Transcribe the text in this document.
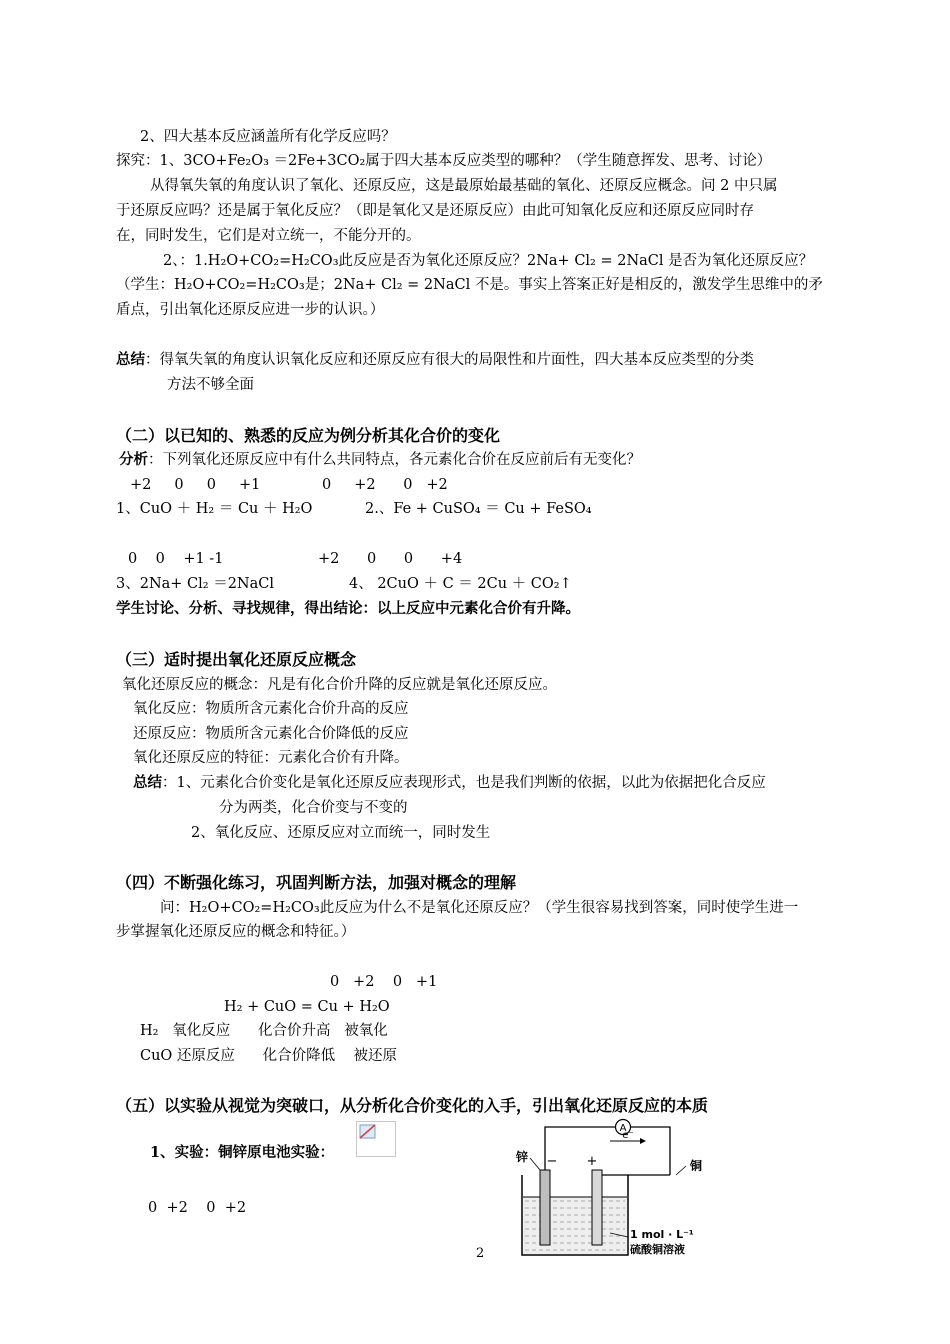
2、四大基本反应涵盖所有化学反应吗？
探究：1、3CO+Fe₂O₃ ＝2Fe+3CO₂属于四大基本反应类型的哪种？（学生随意挥发、思考、讨论）
从得氧失氧的角度认识了氧化、还原反应，这是最原始最基础的氧化、还原反应概念。问 2 中只属
于还原反应吗？还是属于氧化反应？（即是氧化又是还原反应）由此可知氧化反应和还原反应同时存
在，同时发生，它们是对立统一，不能分开的。
2、：1.H₂O+CO₂=H₂CO₃此反应是否为氧化还原反应？2Na+ Cl₂ = 2NaCl 是否为氧化还原反应？
（学生：H₂O+CO₂=H₂CO₃是；2Na+ Cl₂ = 2NaCl 不是。事实上答案正好是相反的，激发学生思维中的矛
盾点，引出氧化还原反应进一步的认识。）
总结：得氧失氧的角度认识氧化反应和还原反应有很大的局限性和片面性，四大基本反应类型的分类
方法不够全面
（二）以已知的、熟悉的反应为例分析其化合价的变化
分析：下列氧化还原反应中有什么共同特点，各元素化合价在反应前后有无变化？
+2     0     0     +1	0     +2      0   +2
1、CuO ＋ H₂ ＝ Cu ＋ H₂O	2.、Fe + CuSO₄ ＝ Cu + FeSO₄
0    0    +1 -1	+2      0      0      +4
3、2Na+ Cl₂ ＝2NaCl	4、 2CuO ＋ C ＝ 2Cu ＋ CO₂↑
学生讨论、分析、寻找规律，得出结论：以上反应中元素化合价有升降。
（三）适时提出氧化还原反应概念
氧化还原反应的概念：凡是有化合价升降的反应就是氧化还原反应。
氧化反应：物质所含元素化合价升高的反应
还原反应：物质所含元素化合价降低的反应
氧化还原反应的特征：元素化合价有升降。
总结：1、元素化合价变化是氧化还原反应表现形式，也是我们判断的依据，以此为依据把化合反应
分为两类，化合价变与不变的
2、氧化反应、还原反应对立而统一，同时发生
（四）不断强化练习，巩固判断方法，加强对概念的理解
问：H₂O+CO₂=H₂CO₃此反应为什么不是氧化还原反应？（学生很容易找到答案，同时使学生进一
步掌握氧化还原反应的概念和特征。）
0   +2    0   +1
H₂ + CuO = Cu + H₂O
H₂   氧化反应      化合价升高   被氧化
CuO 还原反应      化合价降低    被还原
（五）以实验从视觉为突破口，从分析化合价变化的入手，引出氧化还原反应的本质
1、实验：铜锌原电池实验：
0  +2    0  +2
A
e⁻
锌
铜
− +
1 mol · L⁻¹
硫酸铜溶液
2
